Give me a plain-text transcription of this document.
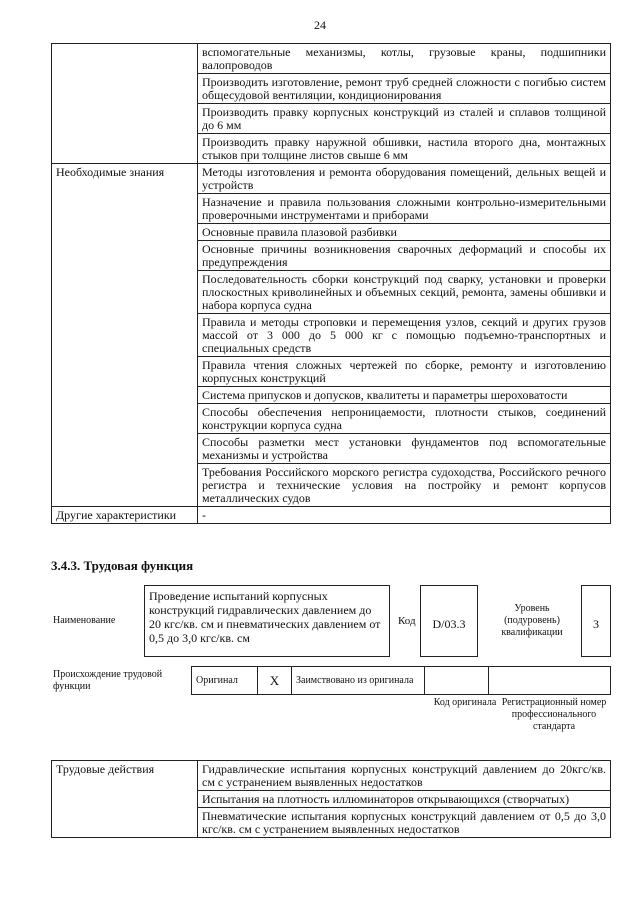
24
	вспомогательные механизмы, котлы, грузовые краны, подшипники валопроводов
	Производить изготовление, ремонт труб средней сложности с погибью систем общесудовой вентиляции, кондиционирования
	Производить правку корпусных конструкций из сталей и сплавов толщиной до 6 мм
	Производить правку наружной обшивки, настила второго дна, монтажных стыков при толщине листов свыше 6 мм
Необходимые знания	Методы изготовления и ремонта оборудования помещений, дельных вещей и устройств
	Назначение и правила пользования сложными контрольно-измерительными проверочными инструментами и приборами
	Основные правила плазовой разбивки
	Основные причины возникновения сварочных деформаций и способы их предупреждения
	Последовательность сборки конструкций под сварку, установки и проверки плоскостных криволинейных и объемных секций, ремонта, замены обшивки и набора корпуса судна
	Правила и методы строповки и перемещения узлов, секций и других грузов массой от 3 000 до 5 000 кг с помощью подъемно-транспортных и специальных средств
	Правила чтения сложных чертежей по сборке, ремонту и изготовлению корпусных конструкций
	Система припусков и допусков, квалитеты и параметры шероховатости
	Способы обеспечения непроницаемости, плотности стыков, соединений конструкции корпуса судна
	Способы разметки мест установки фундаментов под вспомогательные механизмы и устройства
	Требования Российского морского регистра судоходства, Российского речного регистра и технические условия на постройку и ремонт корпусов металлических судов
Другие характеристики	-
3.4.3. Трудовая функция
Наименование
Проведение испытаний корпусных конструкций гидравлических давлением до 20 кгс/кв. см и пневматических давлением от 0,5 до 3,0 кгс/кв. см
Код	D/03.3
Уровень (подуровень) квалификации
3
Происхождение трудовой функции
Оригинал	X	Заимствовано из оригинала		
Код оригинала Регистрационный номер профессионального стандарта
Трудовые действия	Гидравлические испытания корпусных конструкций давлением до 20кгс/кв. см с устранением выявленных недостатков
Испытания на плотность иллюминаторов открывающихся (створчатых)
Пневматические испытания корпусных конструкций давлением от 0,5 до 3,0 кгс/кв. см с устранением выявленных недостатков
